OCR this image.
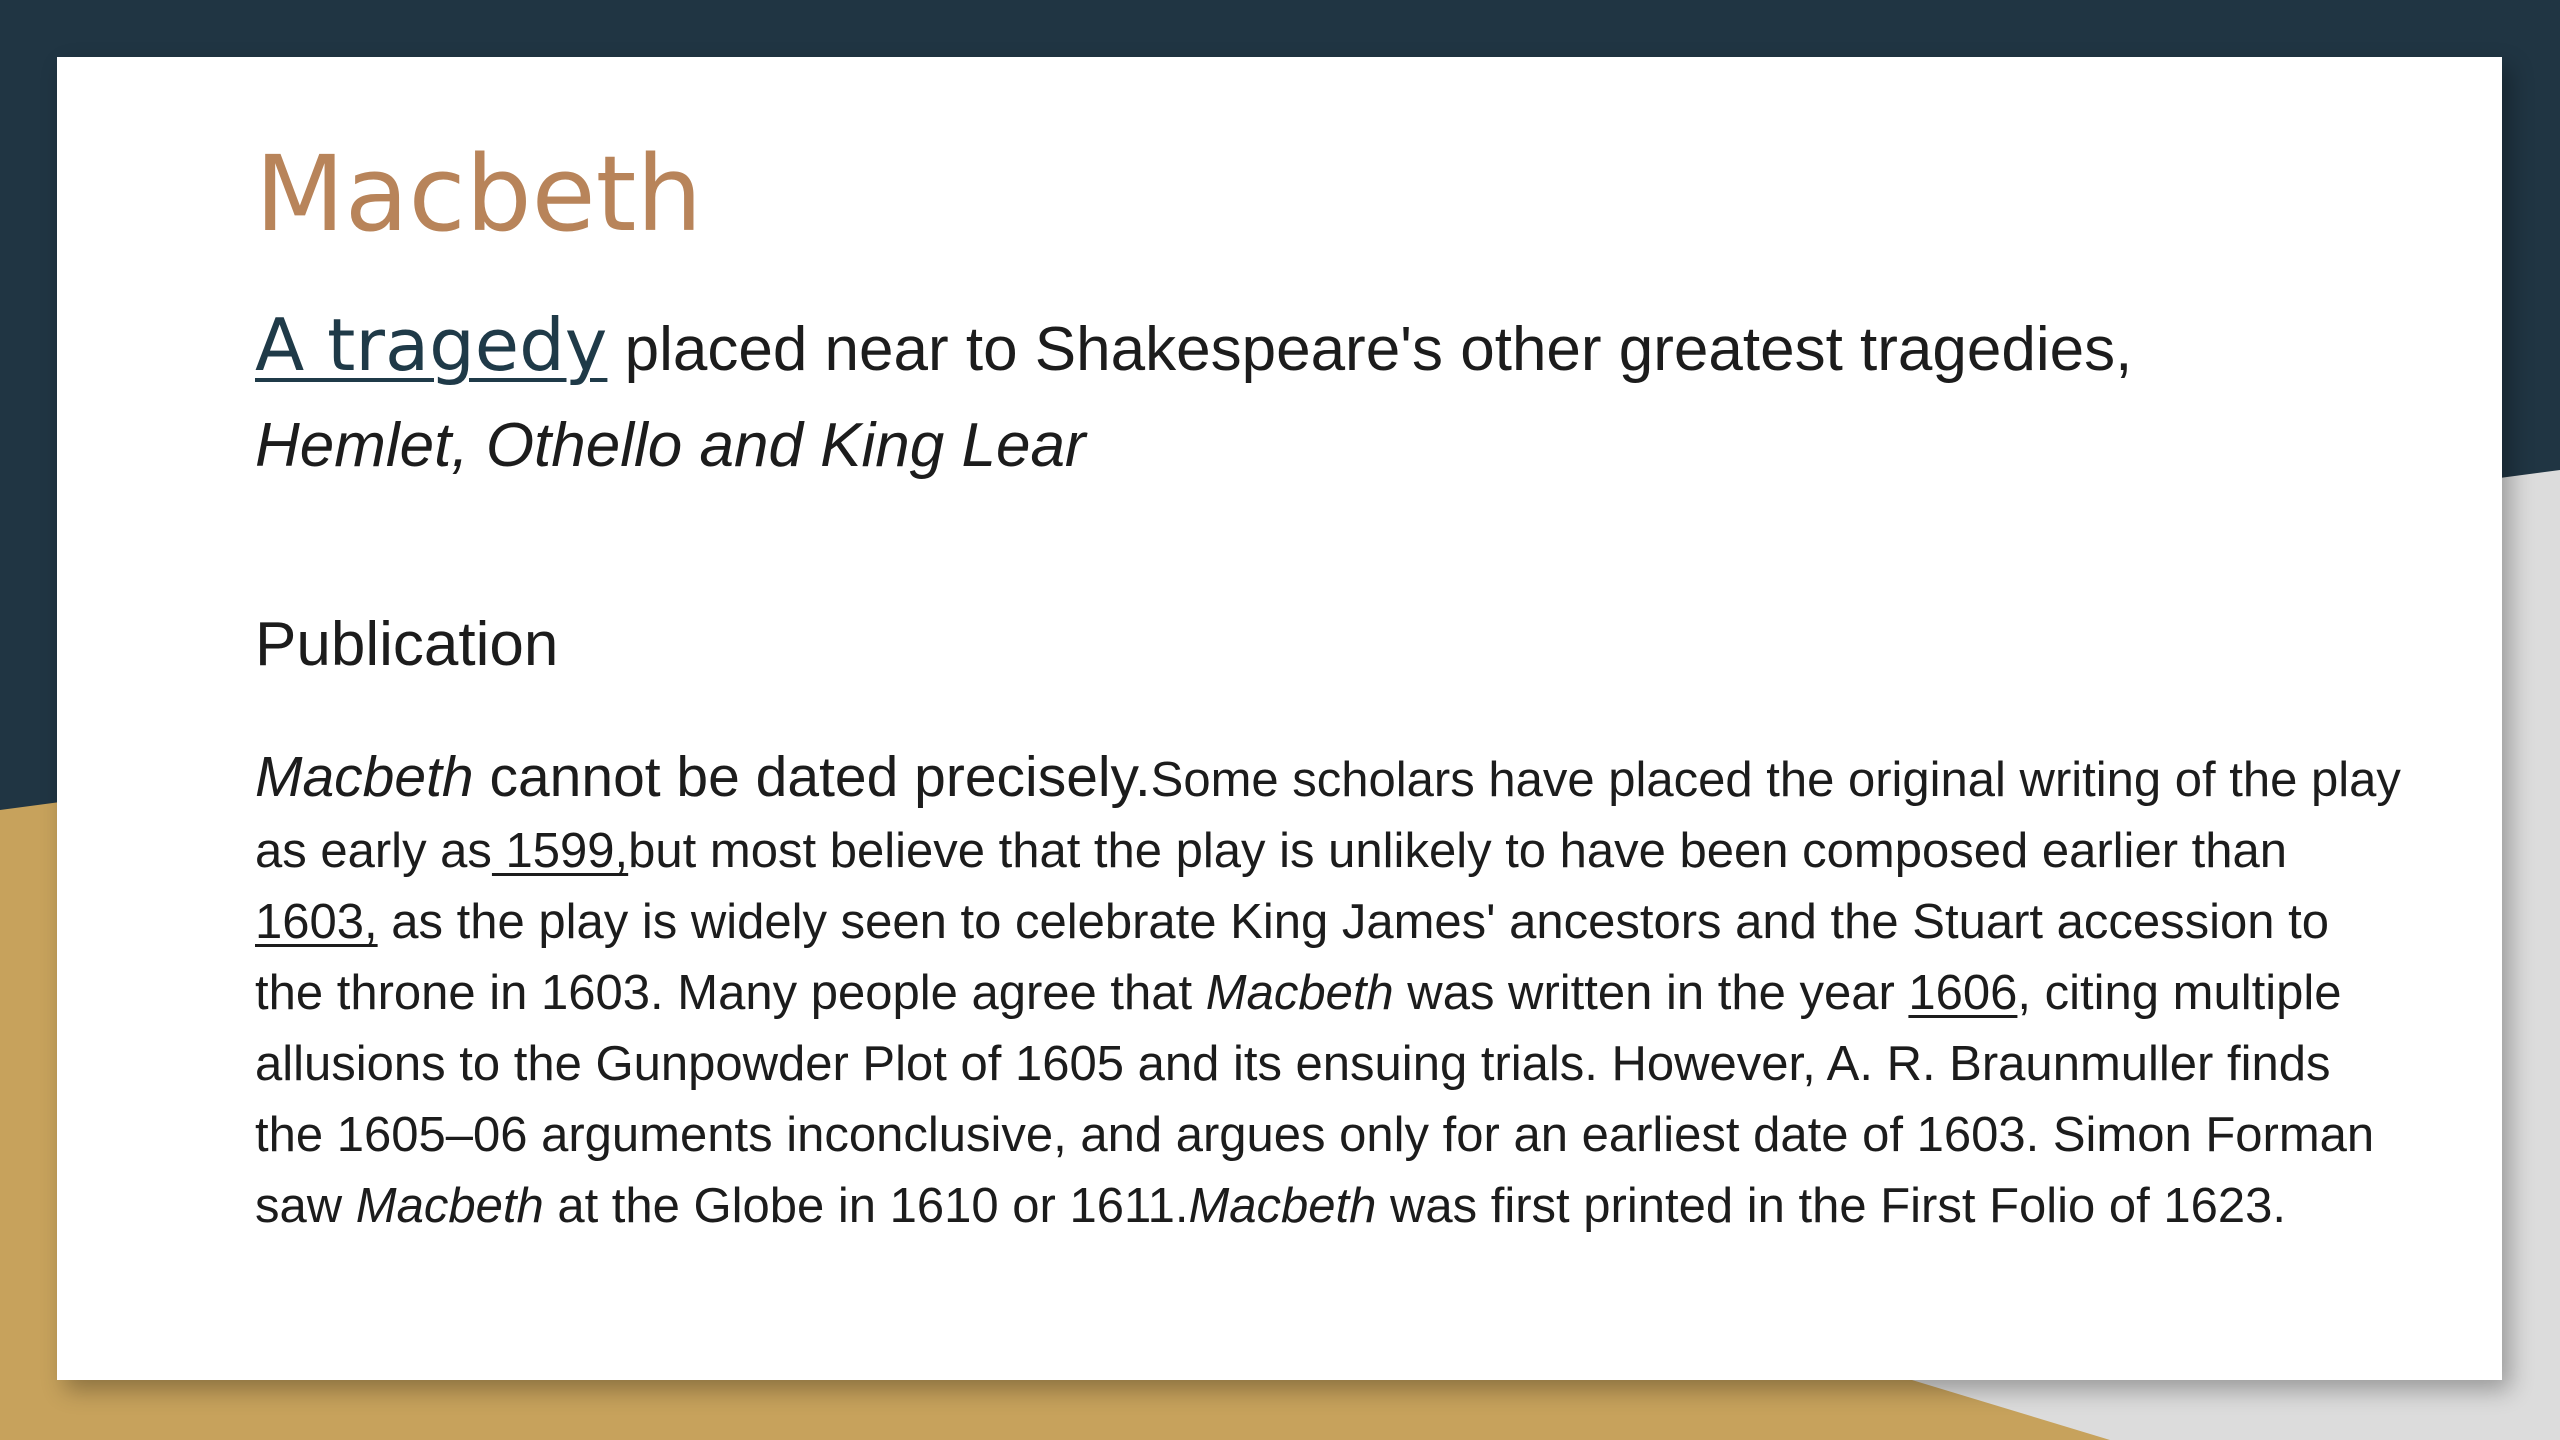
Macbeth

A tragedy placed near to Shakespeare's other greatest tragedies,
Hemlet, Othello and King Lear

Publication

Macbeth cannot be dated precisely.Some scholars have placed the original writing of the play as early as 1599,but most believe that the play is unlikely to have been composed earlier than 1603, as the play is widely seen to celebrate King James' ancestors and the Stuart accession to the throne in 1603. Many people agree that Macbeth was written in the year 1606, citing multiple allusions to the Gunpowder Plot of 1605 and its ensuing trials. However, A. R. Braunmuller finds the 1605–06 arguments inconclusive, and argues only for an earliest date of 1603. Simon Forman saw Macbeth at the Globe in 1610 or 1611.Macbeth was first printed in the First Folio of 1623.
